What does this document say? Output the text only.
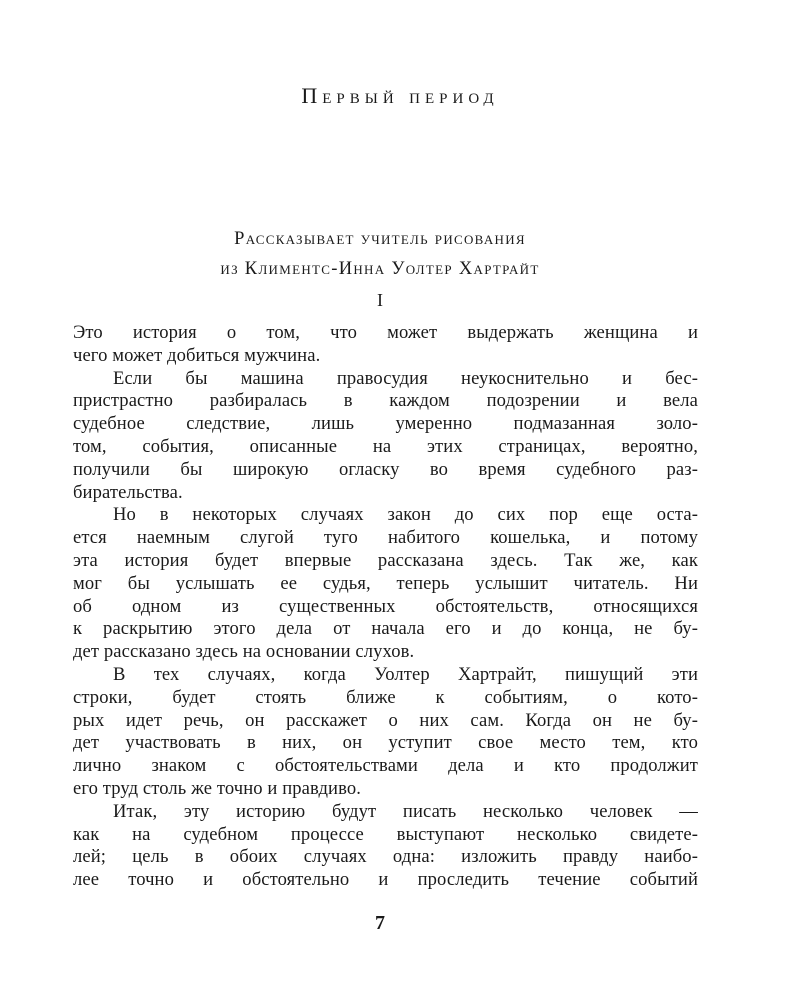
Первый период
Рассказывает учитель рисования
из Климентс-Инна Уолтер Хартрайт
I
Это история о том, что может выдержать женщина и
чего может добиться мужчина.
Если бы машина правосудия неукоснительно и бес-
пристрастно разбиралась в каждом подозрении и вела
судебное следствие, лишь умеренно подмазанная золо-
том, события, описанные на этих страницах, вероятно,
получили бы широкую огласку во время судебного раз-
бирательства.
Но в некоторых случаях закон до сих пор еще оста-
ется наемным слугой туго набитого кошелька, и потому
эта история будет впервые рассказана здесь. Так же, как
мог бы услышать ее судья, теперь услышит читатель. Ни
об одном из существенных обстоятельств, относящихся
к раскрытию этого дела от начала его и до конца, не бу-
дет рассказано здесь на основании слухов.
В тех случаях, когда Уолтер Хартрайт, пишущий эти
строки, будет стоять ближе к событиям, о кото-
рых идет речь, он расскажет о них сам. Когда он не бу-
дет участвовать в них, он уступит свое место тем, кто
лично знаком с обстоятельствами дела и кто продолжит
его труд столь же точно и правдиво.
Итак, эту историю будут писать несколько человек —
как на судебном процессе выступают несколько свидете-
лей; цель в обоих случаях одна: изложить правду наибо-
лее точно и обстоятельно и проследить течение событий
7
